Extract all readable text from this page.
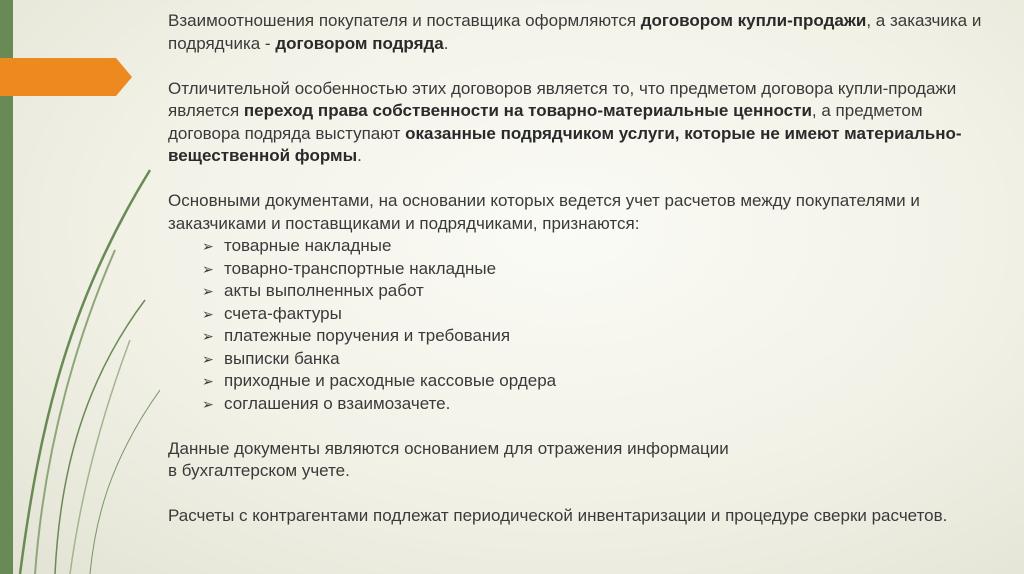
Взаимоотношения покупателя и поставщика оформляются договором купли-продажи, а заказчика и подрядчика - договором подряда.

Отличительной особенностью этих договоров является то, что предметом договора купли-продажи является переход права собственности на товарно-материальные ценности, а предметом договора подряда выступают оказанные подрядчиком услуги, которые не имеют материально-вещественной формы.

Основными документами, на основании которых ведется учет расчетов между покупателями и заказчиками и поставщиками и подрядчиками, признаются:

➢ товарные накладные
➢ товарно-транспортные накладные
➢ акты выполненных работ
➢ счета-фактуры
➢ платежные поручения и требования
➢ выписки банка
➢ приходные и расходные кассовые ордера
➢ соглашения о взаимозачете.

Данные документы являются основанием для отражения информации
в бухгалтерском учете.

Расчеты с контрагентами подлежат периодической инвентаризации и процедуре сверки расчетов.
